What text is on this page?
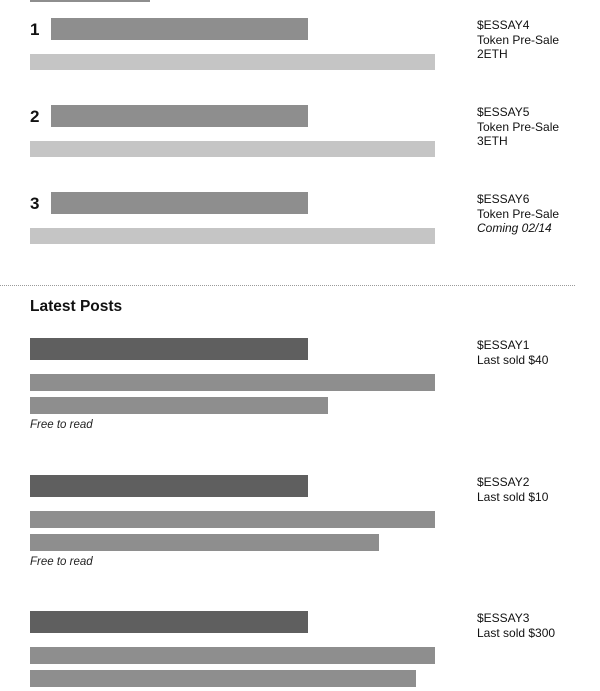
1	$ESSAY4
Token Pre-Sale
2ETH
2	$ESSAY5
Token Pre-Sale
3ETH
3	$ESSAY6
Token Pre-Sale
Coming 02/14
Latest Posts
Free to read
$ESSAY1
Last sold $40
Free to read
$ESSAY2
Last sold $10
$ESSAY3
Last sold $300
